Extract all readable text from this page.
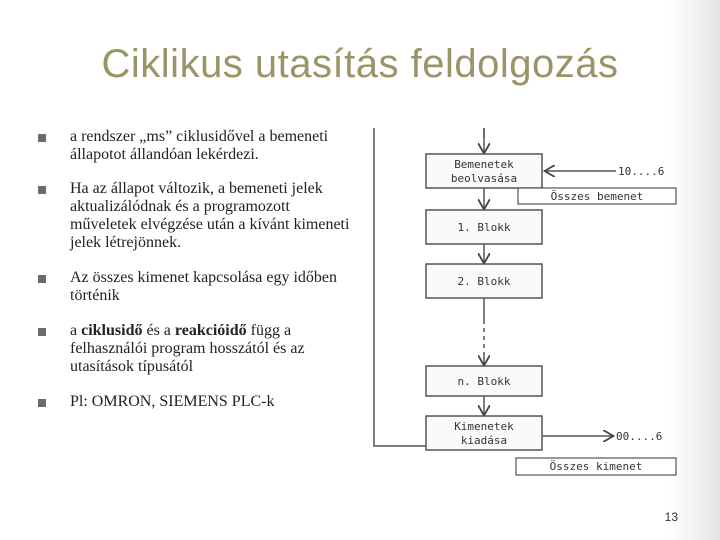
Ciklikus utasítás feldolgozás
a rendszer „ms” ciklusidővel a bemeneti állapotot állandóan lekérdezi.
Ha az állapot változik, a bemeneti jelek aktualizálódnak és a programozott műveletek elvégzése után a kívánt kimeneti jelek létrejönnek.
Az összes kimenet kapcsolása egy időben történik
a ciklusidő és a reakcióidő függ a felhasználói program hosszától és az utasítások típusától
Pl: OMRON, SIEMENS PLC-k
Bemenetek
beolvasása
10....6
Összes bemenet
1. Blokk
2. Blokk
n. Blokk
Kimenetek
kiadása	00....6
Összes kimenet
13
